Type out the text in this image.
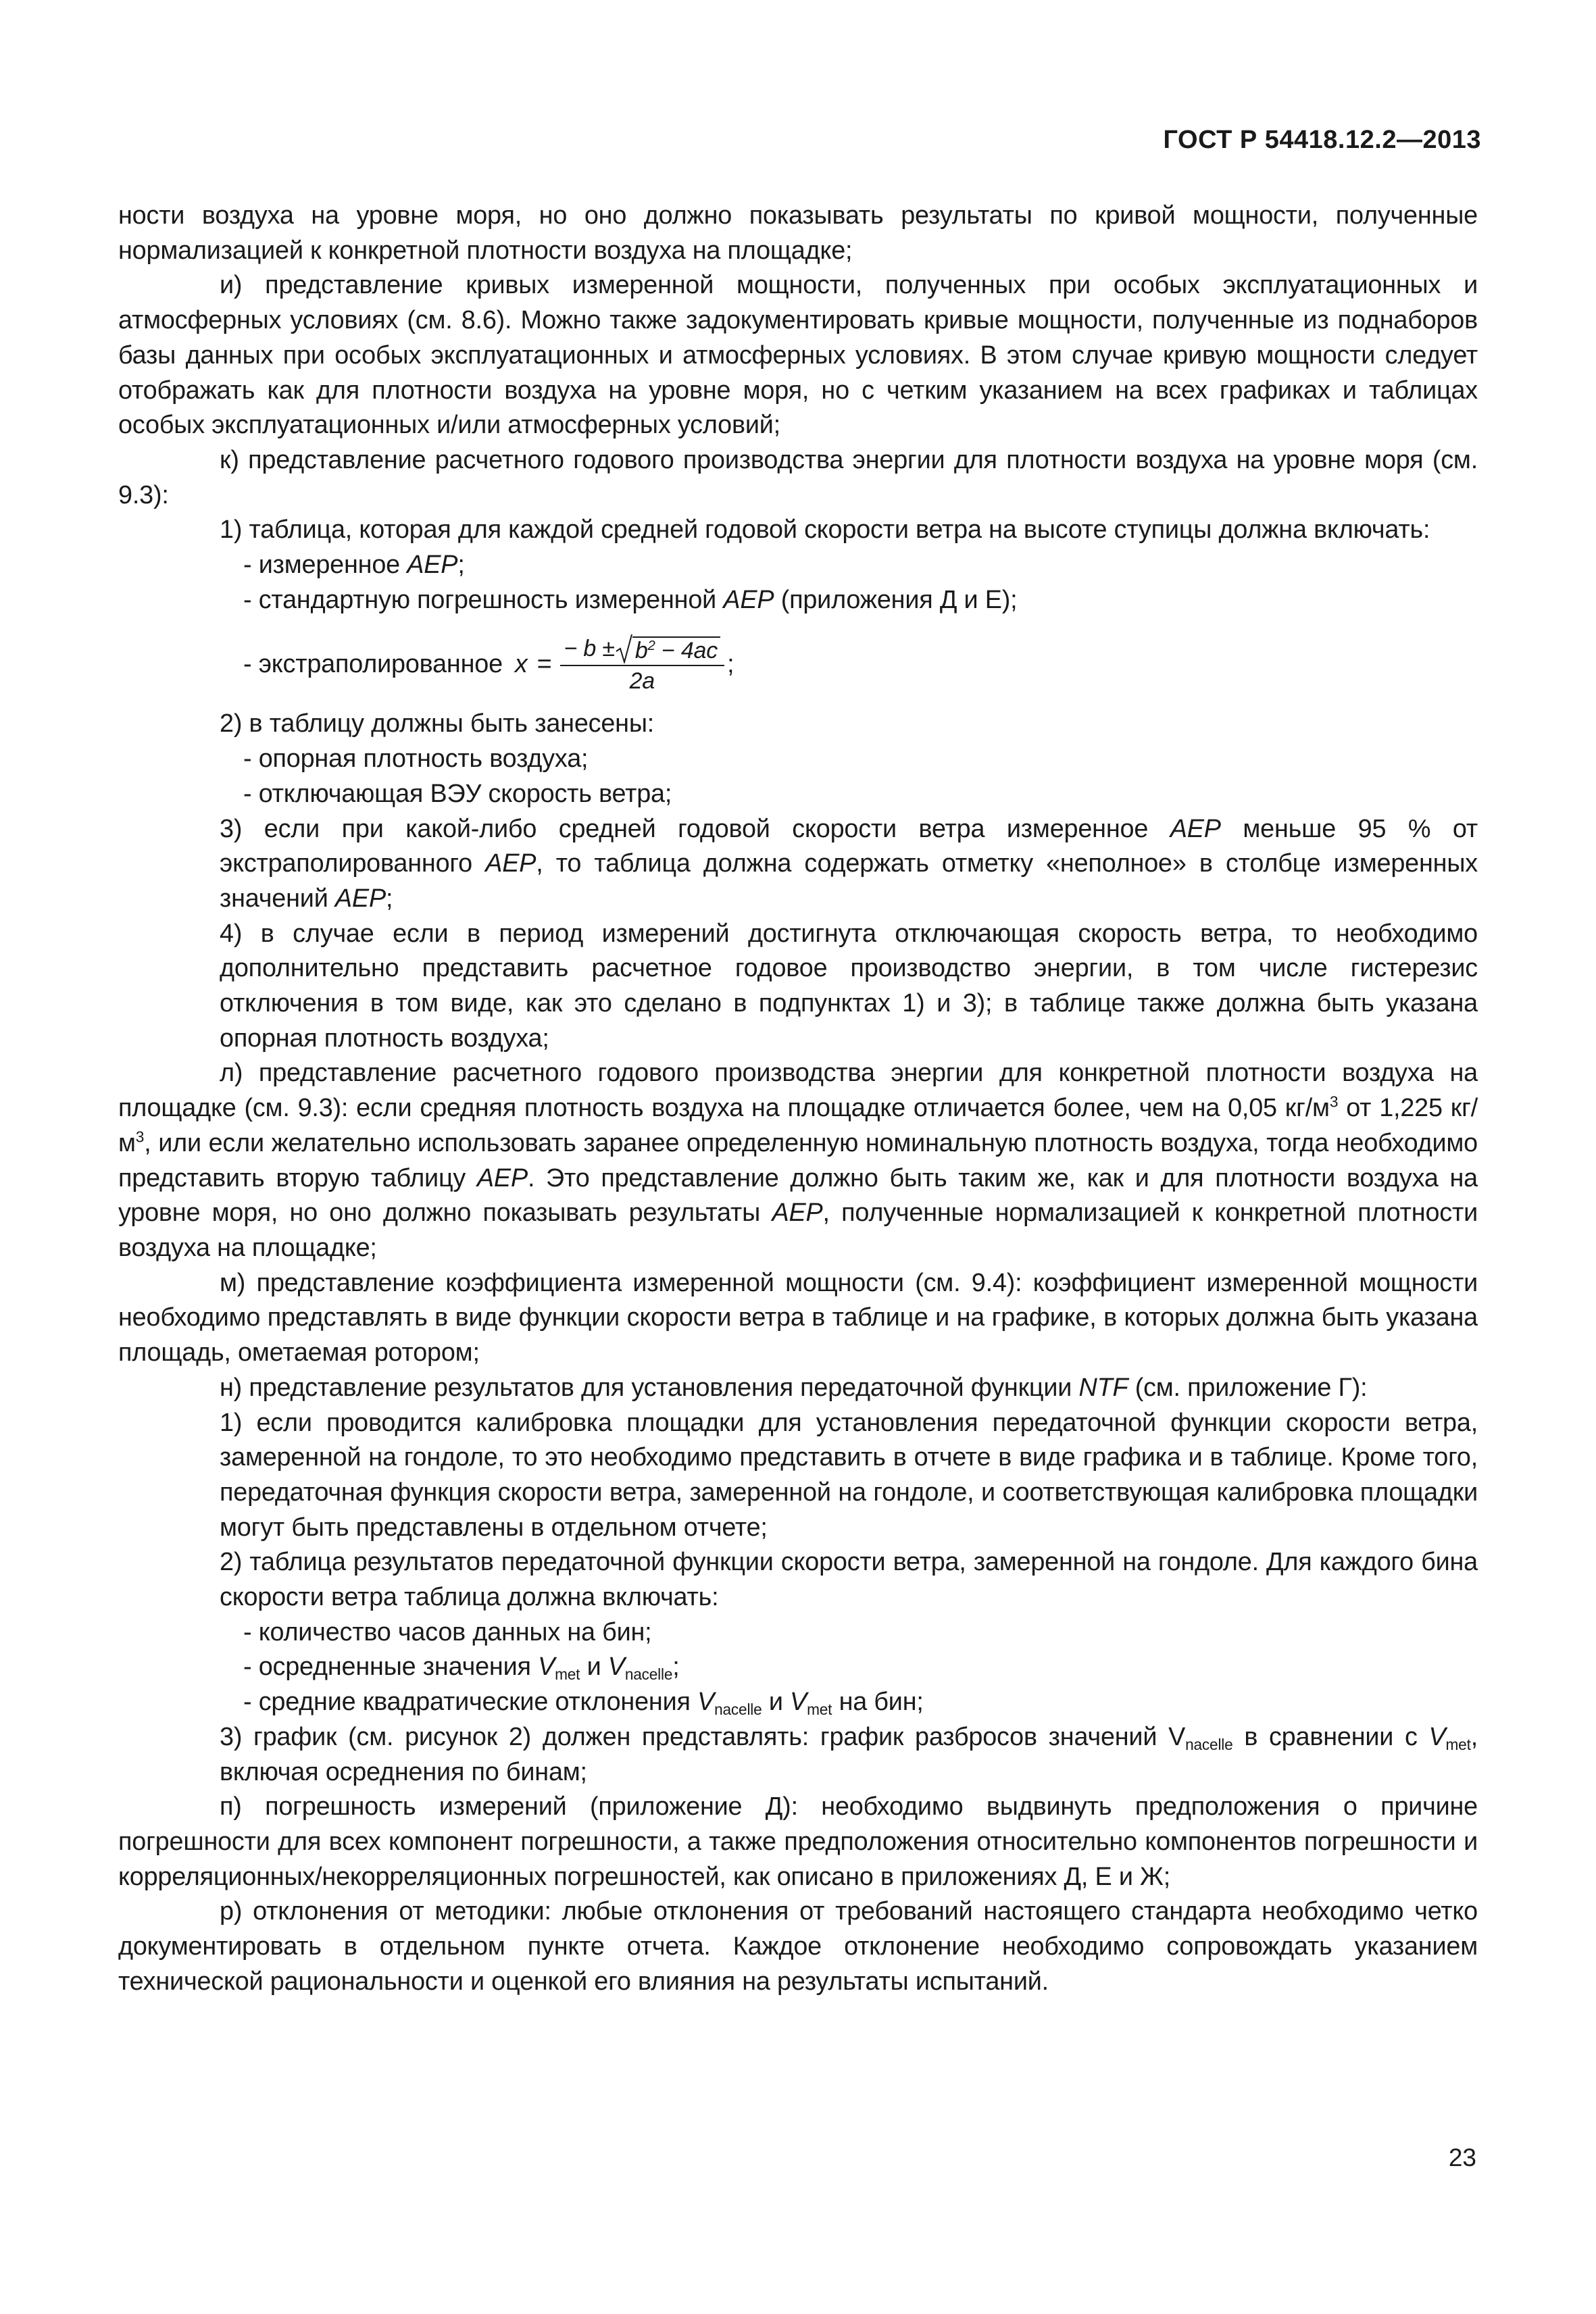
ГОСТ Р 54418.12.2—2013

ности воздуха на уровне моря, но оно должно показывать результаты по кривой мощности, полученные нормализацией к конкретной плотности воздуха на площадке;

и) представление кривых измеренной мощности, полученных при особых эксплуатационных и атмосферных условиях (см. 8.6). Можно также задокументировать кривые мощности, полученные из поднаборов базы данных при особых эксплуатационных и атмосферных условиях. В этом случае кривую мощности следует отображать как для плотности воздуха на уровне моря, но с четким указанием на всех графиках и таблицах особых эксплуатационных и/или атмосферных условий;

к) представление расчетного годового производства энергии для плотности воздуха на уровне моря (см. 9.3):

1) таблица, которая для каждой средней годовой скорости ветра на высоте ступицы должна включать:

- измеренное AEP;

- стандартную погрешность измеренной AEP (приложения Д и Е);

- экстраполированное x =
− $b \pm b^2 - 4ac$
2a
;

2) в таблицу должны быть занесены:

- опорная плотность воздуха;

- отключающая ВЭУ скорость ветра;

3) если при какой-либо средней годовой скорости ветра измеренное AEP меньше 95 % от экстраполированного AEP, то таблица должна содержать отметку «неполное» в столбце измеренных значений AEP;

4) в случае если в период измерений достигнута отключающая скорость ветра, то необходимо дополнительно представить расчетное годовое производство энергии, в том числе гистерезис отключения в том виде, как это сделано в подпунктах 1) и 3); в таблице также должна быть указана опорная плотность воздуха;

л) представление расчетного годового производства энергии для конкретной плотности воздуха на площадке (см. 9.3): если средняя плотность воздуха на площадке отличается более, чем на 0,05 $кг/м^3$ от 1,225 $кг/м^3$, или если желательно использовать заранее определенную номинальную плотность воздуха, тогда необходимо представить вторую таблицу AEP. Это представление должно быть таким же, как и для плотности воздуха на уровне моря, но оно должно показывать результаты AEP, полученные нормализацией к конкретной плотности воздуха на площадке;

м) представление коэффициента измеренной мощности (см. 9.4): коэффициент измеренной мощности необходимо представлять в виде функции скорости ветра в таблице и на графике, в которых должна быть указана площадь, ометаемая ротором;

н) представление результатов для установления передаточной функции NTF (см. приложение Г):

1) если проводится калибровка площадки для установления передаточной функции скорости ветра, замеренной на гондоле, то это необходимо представить в отчете в виде графика и в таблице. Кроме того, передаточная функция скорости ветра, замеренной на гондоле, и соответствующая калибровка площадки могут быть представлены в отдельном отчете;

2) таблица результатов передаточной функции скорости ветра, замеренной на гондоле. Для каждого бина скорости ветра таблица должна включать:

- количество часов данных на бин;

- осредненные значения $V_{met}$ и $V_{nacelle}$;

- средние квадратические отклонения $V_{nacelle}$ и $V_{met}$ на бин;

3) график (см. рисунок 2) должен представлять: график разбросов значений $V_{nacelle}$ в сравнении с $V_{met}$, включая осреднения по бинам;

п) погрешность измерений (приложение Д): необходимо выдвинуть предположения о причине погрешности для всех компонент погрешности, а также предположения относительно компонентов погрешности и корреляционных/некорреляционных погрешностей, как описано в приложениях Д, Е и Ж;

р) отклонения от методики: любые отклонения от требований настоящего стандарта необходимо четко документировать в отдельном пункте отчета. Каждое отклонение необходимо сопровождать указанием технической рациональности и оценкой его влияния на результаты испытаний.

23
